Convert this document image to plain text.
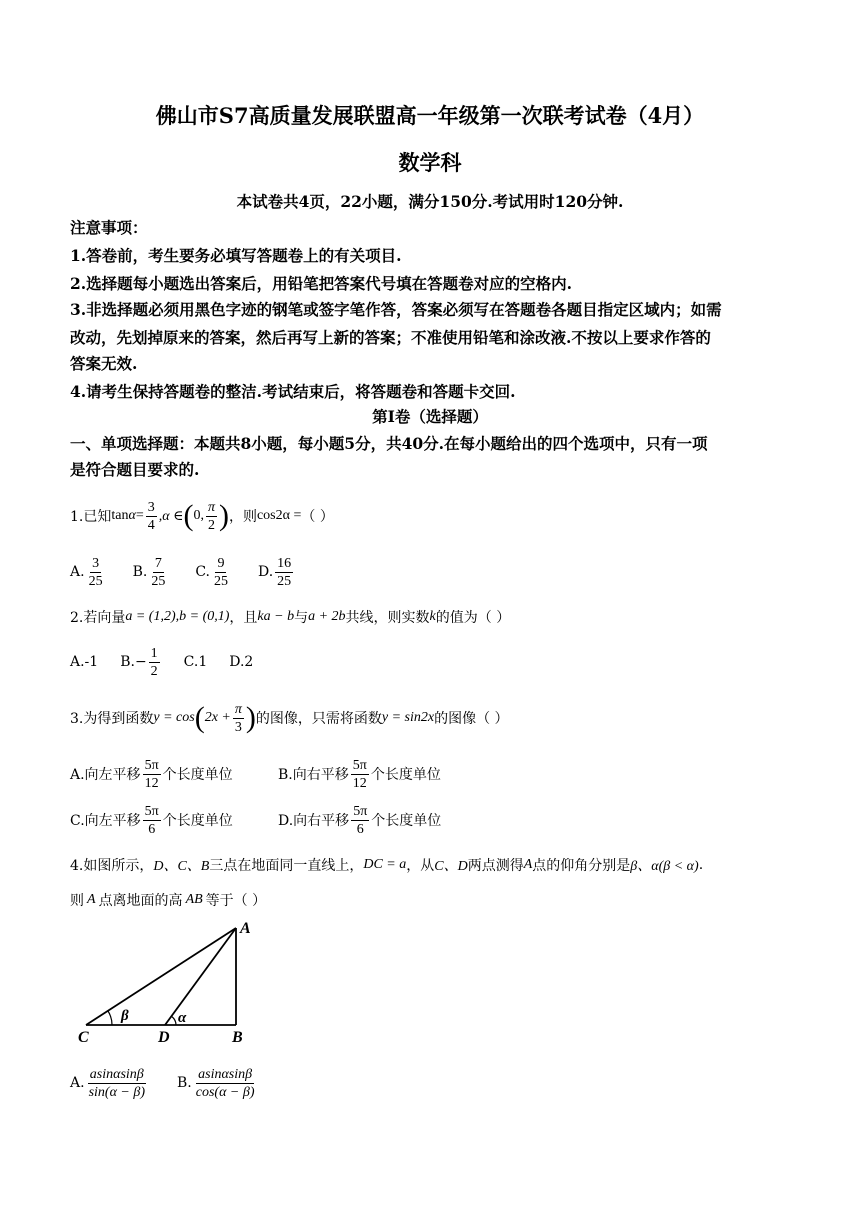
佛山市S7高质量发展联盟高一年级第一次联考试卷（4月）
数学科
本试卷共4页，22小题，满分150分.考试用时120分钟.
注意事项：
1.答卷前，考生要务必填写答题卷上的有关项目.
2.选择题每小题选出答案后，用铅笔把答案代号填在答题卷对应的空格内.
3.非选择题必须用黑色字迹的钢笔或签字笔作答，答案必须写在答题卷各题目指定区域内；如需
改动，先划掉原来的答案，然后再写上新的答案；不准使用铅笔和涂改液.不按以上要求作答的
答案无效.
4.请考生保持答题卷的整洁.考试结束后，将答题卷和答题卡交回.
第I卷（选择题）
一、单项选择题：本题共8小题，每小题5分，共40分.在每小题给出的四个选项中，只有一项
是符合题目要求的.
1.已知 $\tan \alpha = \frac{3}{4} ,\alpha$ ∈ ( 0, $\frac{\pi}{2}$ ) ，则 cos2α = （ ）
A. $\frac{3}{25} B$. $\frac{7}{25} C$. $\frac{9}{25} D$. $\frac{16}{25}$
2.若向量 a = (1,2), b = (0,1) ，且 ka − b 与 a + 2b 共线，则实数 k 的值为（ ）
A.-1 $B.- \frac{1}{2} C.1$ D.2
3.为得到函数 y = cos ( $2x + \frac{\pi}{3}$ ) 的图像，只需将函数 y = sin2x 的图像（ ）
A.向左平移 $\frac{5\pi}{12}$ 个长度单位	B.向右平移 $\frac{5\pi}{12}$ 个长度单位
C.向左平移 $\frac{5\pi}{6}$ 个长度单位	D.向右平移 $\frac{5\pi}{6}$ 个长度单位
4.如图所示， D、C、B 三点在地面同一直线上， DC = a ，从 C、D 两点测得 A 点的仰角分别是 β、α(β < α) .
则 A 点离地面的高 AB 等于（ ）
A
B
C	D
α
β
A. $\frac{asin\alpha\sin\beta}{\sin(\alpha - \beta)} B$. $\frac{asin\alpha\sin\beta}{\cos(\alpha - \beta)}$
